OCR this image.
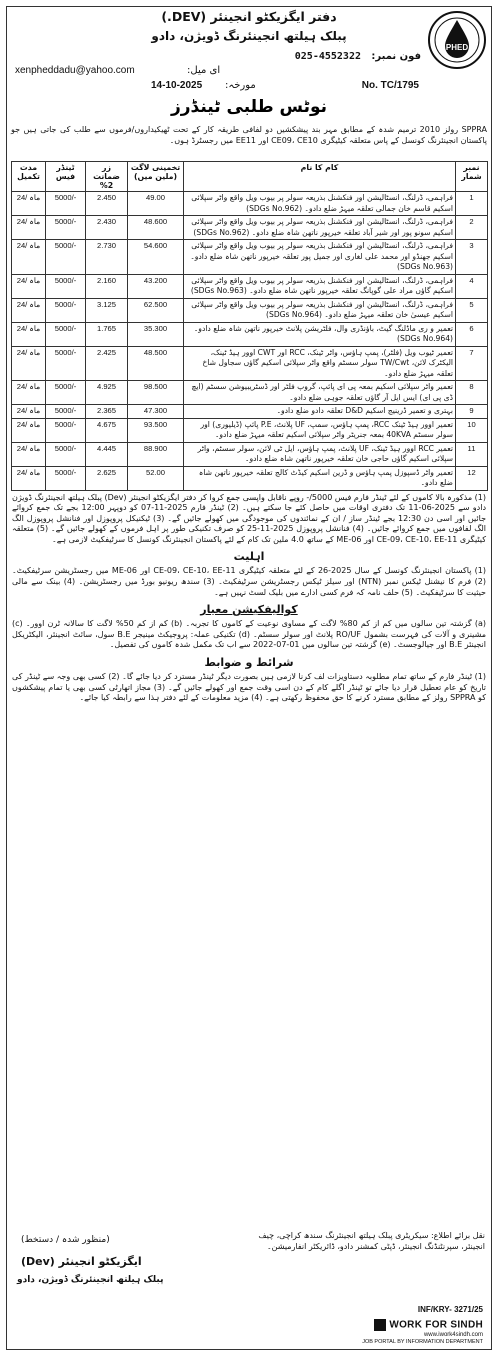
PHED
دفتر ایگزیکٹو انجینئر (DEV.)
پبلک ہیلتھ انجینئرنگ ڈویژن، دادو
فون نمبر:
025-4552322
xenpheddadu@yahoo.com	ای میل:
14-10-2025 مورخہ:	No. TC/1795
نوٹس طلبی ٹینڈرز
SPPRA رولز 2010 ترمیم شدہ کے مطابق مہر بند پیشکشیں دو لفافی طریقہ کار کے تحت ٹھیکیداروں/فرموں سے طلب کی جاتی ہیں جو پاکستان انجینئرنگ کونسل کے پاس متعلقہ کیٹیگری CE09، CE10 اور EE11 میں رجسٹرڈ ہوں۔
مدت تکمیل	ٹینڈر فیس	زر ضمانت 2%	تخمینی لاگت (ملین میں)	کام کا نام	نمبر شمار
24/ ماہ	5000/-	2.450	49.00	فراہمی، ڈرلنگ، انسٹالیشن اور فنکشنل بذریعہ سولر پر بیوب ویل واقع واٹر سپلائی اسکیم قاسم خان جمالی تعلقہ میہڑ ضلع دادو۔ (SDGs No.962)	1
24/ ماہ	5000/-	2.430	48.600	فراہمی، ڈرلنگ، انسٹالیشن اور فنکشنل بذریعہ سولر پر بیوب ویل واقع واٹر سپلائی اسکیم سونو پور اور شیر آباد تعلقہ خیرپور ناتھن شاہ ضلع دادو۔ (SDGs No.962)	2
24/ ماہ	5000/-	2.730	54.600	فراہمی، ڈرلنگ، انسٹالیشن اور فنکشنل بذریعہ سولر پر بیوب ویل واقع واٹر سپلائی اسکیم جھنڈو اور محمد علی لغاری اور جمیل پور تعلقہ خیرپور ناتھن شاہ ضلع دادو۔ (SDGs No.963)	3
24/ ماہ	5000/-	2.160	43.200	فراہمی، ڈرلنگ، انسٹالیشن اور فنکشنل بذریعہ سولر پر بیوب ویل واقع واٹر سپلائی اسکیم گاؤں مراد علی گوپانگ تعلقہ خیرپور ناتھن شاہ ضلع دادو۔ (SDGs No.963)	4
24/ ماہ	5000/-	3.125	62.500	فراہمی، ڈرلنگ، انسٹالیشن اور فنکشنل بذریعہ سولر پر بیوب ویل واقع واٹر سپلائی اسکیم عیسیٰ خان تعلقہ میہڑ ضلع دادو۔ (SDGs No.964)	5
24/ ماہ	5000/-	1.765	35.300	تعمیر و ری ماڈلنگ گیٹ، باؤنڈری وال، فلٹریشن پلانٹ خیرپور ناتھن شاہ ضلع دادو۔ (SDGs No.964)	6
24/ ماہ	5000/-	2.425	48.500	تعمیر ٹیوب ویل (فلٹر)، پمپ ہاؤس، واٹر ٹینک، RCC اور CWT اوور ہیڈ ٹینک، الیکٹرک لائن، TW/Cwt سولر سسٹم واقع واٹر سپلائی اسکیم گاؤں سجاول شاخ تعلقہ میہڑ ضلع دادو۔	7
24/ ماہ	5000/-	4.925	98.500	تعمیر واٹر سپلائی اسکیم بمعہ پی ای پائپ، گروپ فلٹر اور ڈسٹریبیوشن سسٹم (ایچ ڈی پی ای) ایس ایل آر گاؤں تعلقہ جوہی ضلع دادو۔	8
24/ ماہ	5000/-	2.365	47.300	بہتری و تعمیر ڈرینیج اسکیم D&D تعلقہ دادو ضلع دادو۔	9
24/ ماہ	5000/-	4.675	93.500	تعمیر اوور ہیڈ ٹینک RCC، پمپ ہاؤس، سمپ، UF پلانٹ، P.E پائپ (ڈیلیوری) اور سولر سسٹم 40KVA بمعہ جنریٹر واٹر سپلائی اسکیم تعلقہ میہڑ ضلع دادو۔	10
24/ ماہ	5000/-	4.445	88.900	تعمیر RCC اوور ہیڈ ٹینک، UF پلانٹ، پمپ ہاؤس، ایل ٹی لائن، سولر سسٹم، واٹر سپلائی اسکیم گاؤں حاجی خان تعلقہ خیرپور ناتھن شاہ ضلع دادو۔	11
24/ ماہ	5000/-	2.625	52.00	تعمیر واٹر ڈسپوزل پمپ ہاؤس و ڈرین اسکیم کیڈٹ کالج تعلقہ خیرپور ناتھن شاہ ضلع دادو۔	12
(1) مذکورہ بالا کاموں کے لئے ٹینڈر فارم فیس 5000/- روپے ناقابل واپسی جمع کروا کر دفتر ایگزیکٹو انجینئر (Dev) پبلک ہیلتھ انجینئرنگ ڈویژن دادو سے 2025-06-11 تک دفتری اوقات میں حاصل کئے جا سکتے ہیں۔ (2) ٹینڈر فارم 2025-11-07 کو دوپہر 12:00 بجے تک جمع کروائے جائیں اور اسی دن 12:30 بجے ٹینڈر ساز / ان کے نمائندوں کی موجودگی میں کھولے جائیں گے۔ (3) ٹیکنیکل پروپوزل اور فنانشل پروپوزل الگ الگ لفافوں میں جمع کروائے جائیں۔ (4) فنانشل پروپوزل 2025-11-25 کو صرف تکنیکی طور پر اہل فرموں کے کھولے جائیں گے۔ (5) متعلقہ کیٹیگری CE-09، CE-10، EE-11 اور ME-06 کے ساتھ 4.0 ملین تک کام کے لئے پاکستان انجینئرنگ کونسل کا سرٹیفکیٹ لازمی ہے۔
اہلیت
(1) پاکستان انجینئرنگ کونسل کے سال 2025-26 کے لئے متعلقہ کیٹیگری CE-09، CE-10، EE-11 اور ME-06 میں رجسٹریشن سرٹیفکیٹ۔ (2) فرم کا نیشنل ٹیکس نمبر (NTN) اور سیلز ٹیکس رجسٹریشن سرٹیفکیٹ۔ (3) سندھ ریونیو بورڈ میں رجسٹریشن۔ (4) بینک سے مالی حیثیت کا سرٹیفکیٹ۔ (5) حلف نامہ کہ فرم کسی ادارے میں بلیک لسٹ نہیں ہے۔
کوالیفکیشن معیار
(a) گزشتہ تین سالوں میں کم از کم 80% لاگت کے مساوی نوعیت کے کاموں کا تجربہ۔ (b) کم از کم 50% لاگت کا سالانہ ٹرن اوور۔ (c) مشینری و آلات کی فہرست بشمول RO/UF پلانٹ اور سولر سسٹم۔ (d) تکنیکی عملہ: پروجیکٹ مینیجر B.E سول، سائٹ انجینئر، الیکٹریکل انجینئر B.E اور جیالوجسٹ۔ (e) گزشتہ تین سالوں میں 01-07-2022 سے اب تک مکمل شدہ کاموں کی تفصیل۔
شرائط و ضوابط
(1) ٹینڈر فارم کے ساتھ تمام مطلوبہ دستاویزات لف کرنا لازمی ہیں بصورت دیگر ٹینڈر مسترد کر دیا جائے گا۔ (2) کسی بھی وجہ سے ٹینڈر کی تاریخ کو عام تعطیل قرار دیا جائے تو ٹینڈر اگلے کام کے دن اسی وقت جمع اور کھولے جائیں گے۔ (3) مجاز اتھارٹی کسی بھی یا تمام پیشکشوں کو SPPRA رولز کے مطابق مسترد کرنے کا حق محفوظ رکھتی ہے۔ (4) مزید معلومات کے لئے دفتر ہذا سے رابطہ کیا جائے۔
(منظور شدہ / دستخط)
ایگزیکٹو انجینئر (Dev)
پبلک ہیلتھ انجینئرنگ ڈویژن، دادو
نقل برائے اطلاع: سیکریٹری پبلک ہیلتھ انجینئرنگ سندھ کراچی، چیف انجینئر، سپرنٹنڈنگ انجینئر، ڈپٹی کمشنر دادو، ڈائریکٹر انفارمیشن۔
INF/KRY- 3271/25
WORK FOR SINDH
www.iwork4sindh.com
JOB PORTAL BY INFORMATION DEPARTMENT
